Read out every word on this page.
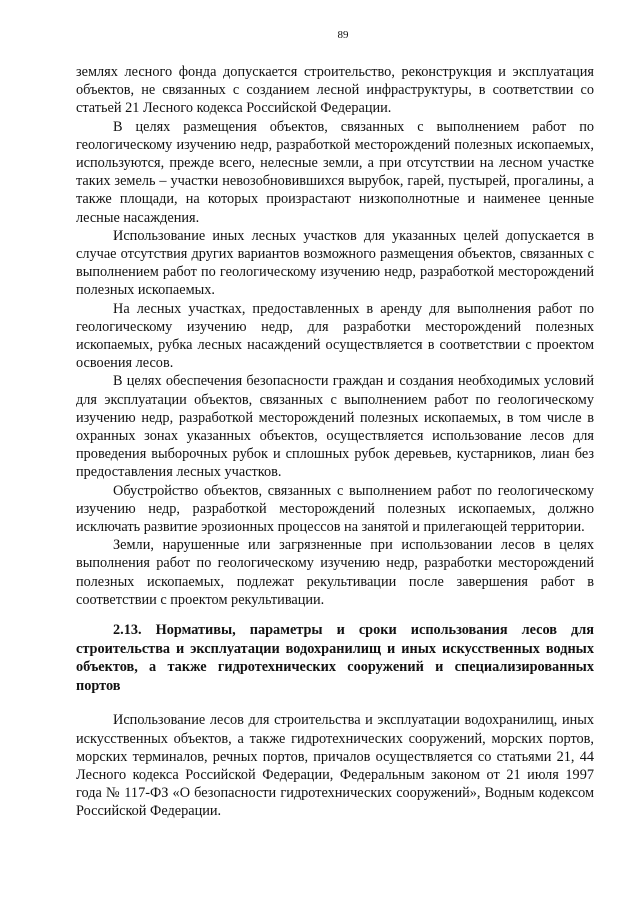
89

землях лесного фонда допускается строительство, реконструкция и эксплуатация объектов, не связанных с созданием лесной инфраструктуры, в соответствии со статьей 21 Лесного кодекса Российской Федерации.

В целях размещения объектов, связанных с выполнением работ по геологическому изучению недр, разработкой месторождений полезных ископаемых, используются, прежде всего, нелесные земли, а при отсутствии на лесном участке таких земель – участки невозобновившихся вырубок, гарей, пустырей, прогалины, а также площади, на которых произрастают низкополнотные и наименее ценные лесные насаждения.

Использование иных лесных участков для указанных целей допускается в случае отсутствия других вариантов возможного размещения объектов, связанных с выполнением работ по геологическому изучению недр, разработкой месторождений полезных ископаемых.

На лесных участках, предоставленных в аренду для выполнения работ по геологическому изучению недр, для разработки месторождений полезных ископаемых, рубка лесных насаждений осуществляется в соответствии с проектом освоения лесов.

В целях обеспечения безопасности граждан и создания необходимых условий для эксплуатации объектов, связанных с выполнением работ по геологическому изучению недр, разработкой месторождений полезных ископаемых, в том числе в охранных зонах указанных объектов, осуществляется использование лесов для проведения выборочных рубок и сплошных рубок деревьев, кустарников, лиан без предоставления лесных участков.

Обустройство объектов, связанных с выполнением работ по геологическому изучению недр, разработкой месторождений полезных ископаемых, должно исключать развитие эрозионных процессов на занятой и прилегающей территории.

Земли, нарушенные или загрязненные при использовании лесов в целях выполнения работ по геологическому изучению недр, разработки месторождений полезных ископаемых, подлежат рекультивации после завершения работ в соответствии с проектом рекультивации.

2.13. Нормативы, параметры и сроки использования лесов для строительства и эксплуатации водохранилищ и иных искусственных водных объектов, а также гидротехнических сооружений и специализированных портов

Использование лесов для строительства и эксплуатации водохранилищ, иных искусственных объектов, а также гидротехнических сооружений, морских портов, морских терминалов, речных портов, причалов осуществляется со статьями 21, 44 Лесного кодекса Российской Федерации, Федеральным законом от 21 июля 1997 года № 117-ФЗ «О безопасности гидротехнических сооружений», Водным кодексом Российской Федерации.
